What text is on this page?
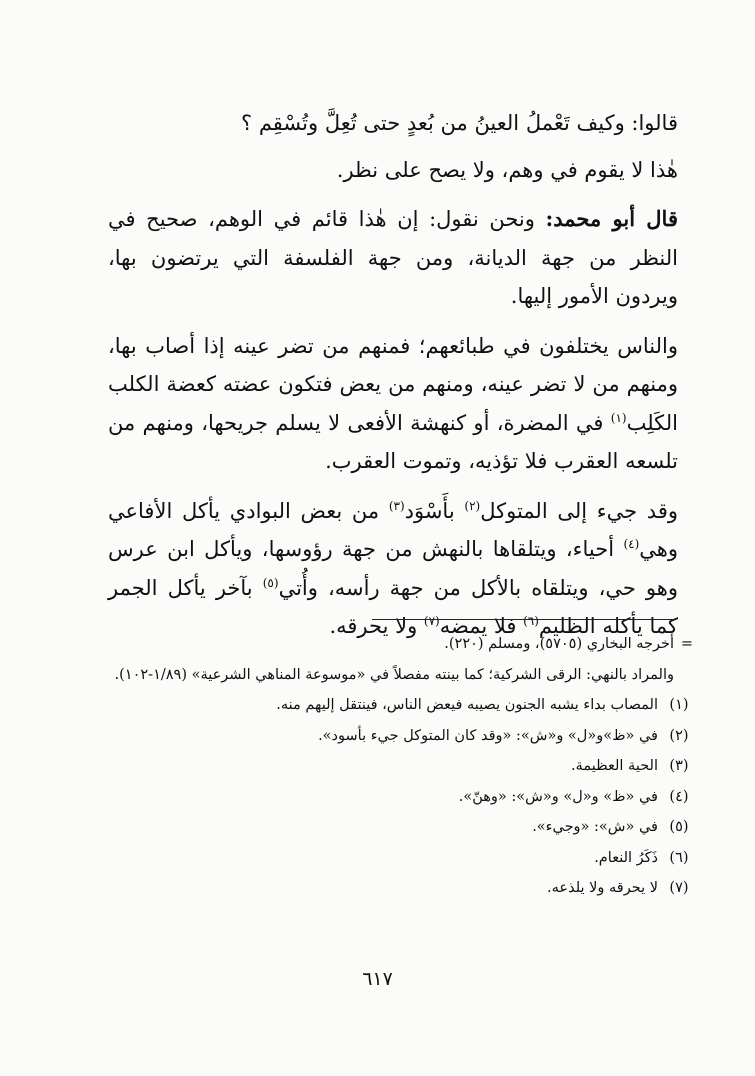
قالوا: وكيف تَعْملُ العينُ من بُعدٍ حتى تُعِلَّ وتُسْقِم ؟

هٰذا لا يقوم في وهم، ولا يصح على نظر.

قال أبو محمد: ونحن نقول: إن هٰذا قائم في الوهم، صحيح في النظر من جهة الديانة، ومن جهة الفلسفة التي يرتضون بها، ويردون الأمور إليها.

والناس يختلفون في طبائعهم؛ فمنهم من تضر عينه إذا أصاب بها، ومنهم من لا تضر عينه، ومنهم من يعض فتكون عضته كعضة الكلب الكَلِب$^{(١)}$ في المضرة، أو كنهشة الأفعى لا يسلم جريحها، ومنهم من تلسعه العقرب فلا تؤذيه، وتموت العقرب.

وقد جيء إلى المتوكل$^{(٢)}$ بأَسْوَد$^{(٣)}$ من بعض البوادي يأكل الأفاعي وهي$^{(٤)}$ أحياء، ويتلقاها بالنهش من جهة رؤوسها، ويأكل ابن عرس وهو حي، ويتلقاه بالأكل من جهة رأسه، وأُتي$^{(٥)}$ بآخر يأكل الجمر كما يأكله الظليم$^{(٦)}$ فلا يمضه$^{(٧)}$ ولا يحرقه.

=
أخرجه البخاري (٥٧٠٥)، ومسلم (٢٢٠).
والمراد بالنهي: الرقى الشركية؛ كما بينته مفصلاً في «موسوعة المناهي الشرعية» (١/٨٩-١٠٢).
(١)
المصاب بداء يشبه الجنون يصيبه فيعض الناس، فينتقل إليهم منه.
(٢)
في «ظ»و«ل» و«ش»: «وقد كان المتوكل جيء بأسود».
(٣)
الحية العظيمة.
(٤)
في «ظ» و«ل» و«ش»: «وهنّ».
(٥)
في «ش»: «وجيء».
(٦)
ذَكَرُ النعام.
(٧)
لا يحرقه ولا يلذعه.
٦١٧
